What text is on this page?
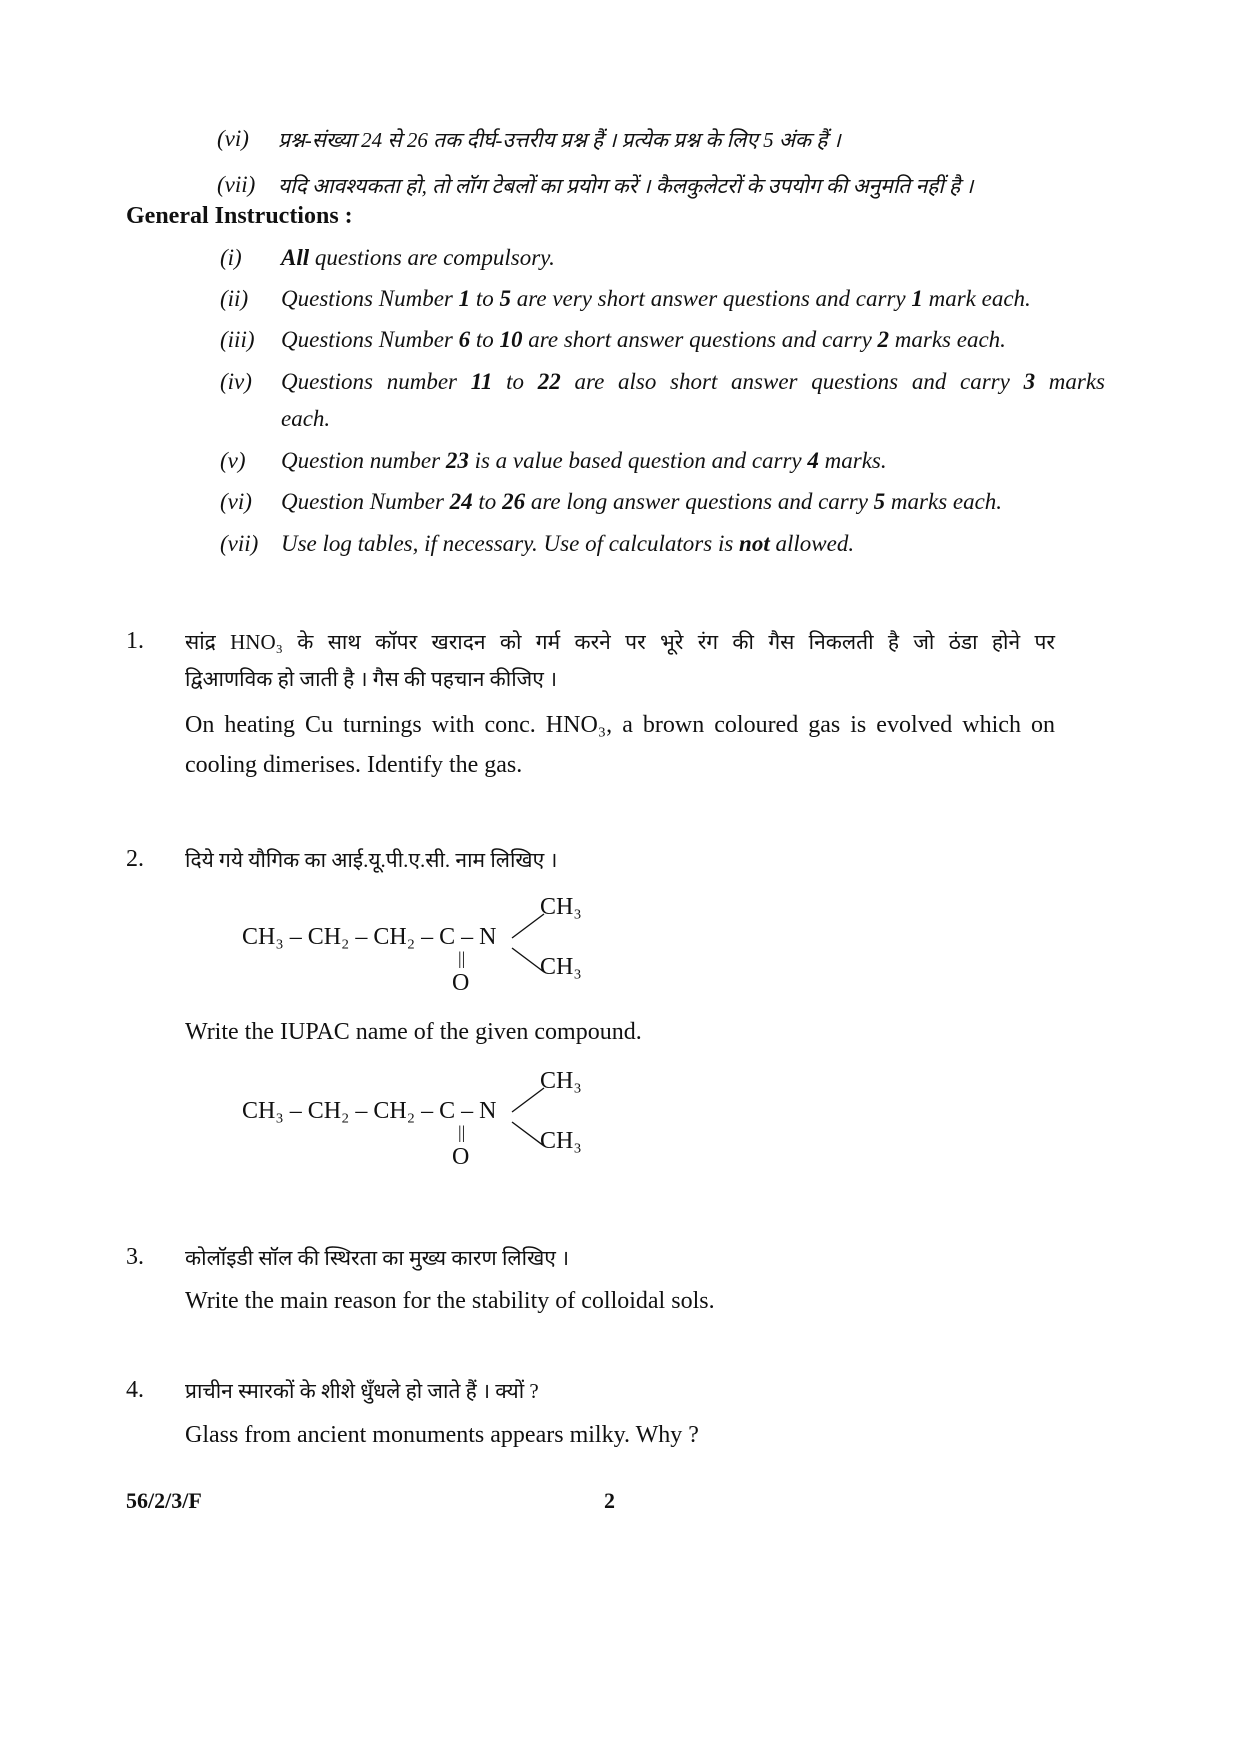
(vi) प्रश्न-संख्या 24 से 26 तक दीर्घ-उत्तरीय प्रश्न हैं । प्रत्येक प्रश्न के लिए 5 अंक हैं ।
(vii) यदि आवश्यकता हो, तो लॉग टेबलों का प्रयोग करें । कैलकुलेटरों के उपयोग की अनुमति नहीं है ।
General Instructions :
(i) All questions are compulsory.
(ii) Questions Number 1 to 5 are very short answer questions and carry 1 mark each.
(iii) Questions Number 6 to 10 are short answer questions and carry 2 marks each.
(iv) Questions number 11 to 22 are also short answer questions and carry 3 marks
each.
(v) Question number 23 is a value based question and carry 4 marks.
(vi) Question Number 24 to 26 are long answer questions and carry 5 marks each.
(vii) Use log tables, if necessary. Use of calculators is not allowed.
1. सांद्र HNO₃ के साथ कॉपर खरादन को गर्म करने पर भूरे रंग की गैस निकलती है जो ठंडा होने पर
द्विआणविक हो जाती है । गैस की पहचान कीजिए ।
On heating Cu turnings with conc. HNO₃, a brown coloured gas is evolved which on
cooling dimerises. Identify the gas.
2. दिये गये यौगिक का आई.यू.पी.ए.सी. नाम लिखिए ।
CH₃ – CH₂ – CH₂ – C – N
||
O
CH₃
CH₃
Write the IUPAC name of the given compound.
CH₃ – CH₂ – CH₂ – C – N
||
O
CH₃
CH₃
3. कोलॉइडी सॉल की स्थिरता का मुख्य कारण लिखिए ।
Write the main reason for the stability of colloidal sols.
4. प्राचीन स्मारकों के शीशे धुँधले हो जाते हैं । क्यों ?
Glass from ancient monuments appears milky. Why ?
56/2/3/F	2
